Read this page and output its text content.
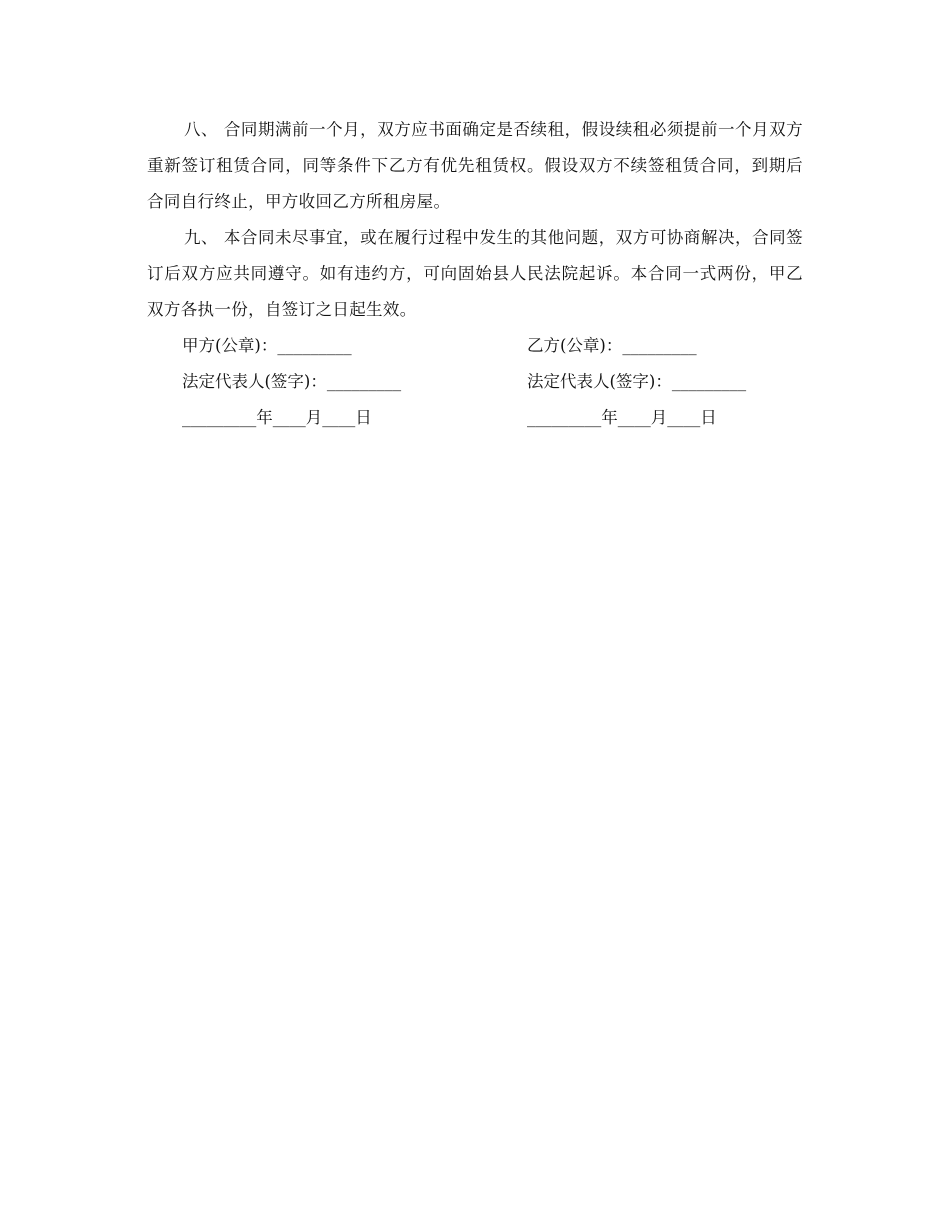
八、 合同期满前一个月，双方应书面确定是否续租，假设续租必须提前一个月双方重新签订租赁合同，同等条件下乙方有优先租赁权。假设双方不续签租赁合同，到期后合同自行终止，甲方收回乙方所租房屋。

九、 本合同未尽事宜，或在履行过程中发生的其他问题，双方可协商解决，合同签订后双方应共同遵守。如有违约方，可向固始县人民法院起诉。本合同一式两份，甲乙双方各执一份，自签订之日起生效。

甲方(公章)：_________	乙方(公章)：_________
法定代表人(签字)：_________	法定代表人(签字)：_________
_________年____月____日	_________年____月____日
